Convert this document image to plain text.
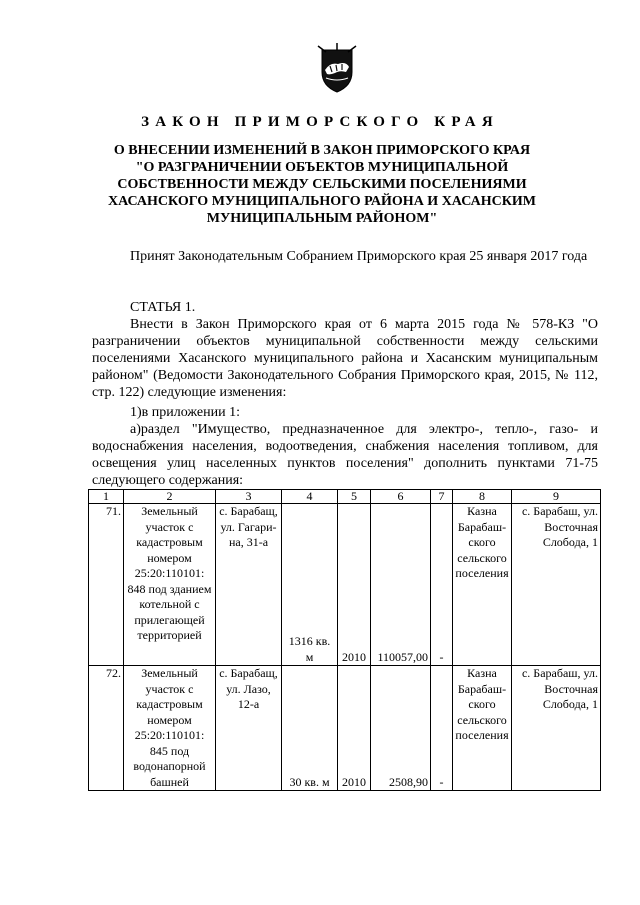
ЗАКОН ПРИМОРСКОГО КРАЯ
О ВНЕСЕНИИ ИЗМЕНЕНИЙ В ЗАКОН ПРИМОРСКОГО КРАЯ
"О РАЗГРАНИЧЕНИИ ОБЪЕКТОВ МУНИЦИПАЛЬНОЙ
СОБСТВЕННОСТИ МЕЖДУ СЕЛЬСКИМИ ПОСЕЛЕНИЯМИ
ХАСАНСКОГО МУНИЦИПАЛЬНОГО РАЙОНА И ХАСАНСКИМ
МУНИЦИПАЛЬНЫМ РАЙОНОМ"
Принят Законодательным Собранием Приморского края 25 января 2017 года
СТАТЬЯ 1.
Внести в Закон Приморского края от 6 марта 2015 года № 578-КЗ "О разграничении объектов муниципальной собственности между сельскими поселениями Хасанского муниципального района и Хасанским муниципальным районом" (Ведомости Законодательного Собрания Приморского края, 2015, № 112, стр. 122) следующие изменения:
1)в приложении 1:
а)раздел "Имущество, предназначенное для электро-, тепло-, газо- и водоснабжения населения, водоотведения, снабжения населения топливом, для освещения улиц населенных пунктов поселения" дополнить пунктами 71-75 следующего содержания:
1	2	3	4	5	6	7	8	9
71.	Земельный участок с кадастровым номером 25:20:110101: 848 под зданием котельной с прилегающей территорией	с. Барабащ, ул. Гагари-на, 31-а	1316 кв. м	2010	110057,00	-	Казна Барабаш-ского сельского поселения	с. Барабаш, ул. Восточная Слобода, 1
72.	Земельный участок с кадастровым номером 25:20:110101: 845 под водонапорной башней	с. Барабащ, ул. Лазо, 12-а	30 кв. м	2010	2508,90	-	Казна Барабаш-ского сельского поселения	с. Барабаш, ул. Восточная Слобода, 1
